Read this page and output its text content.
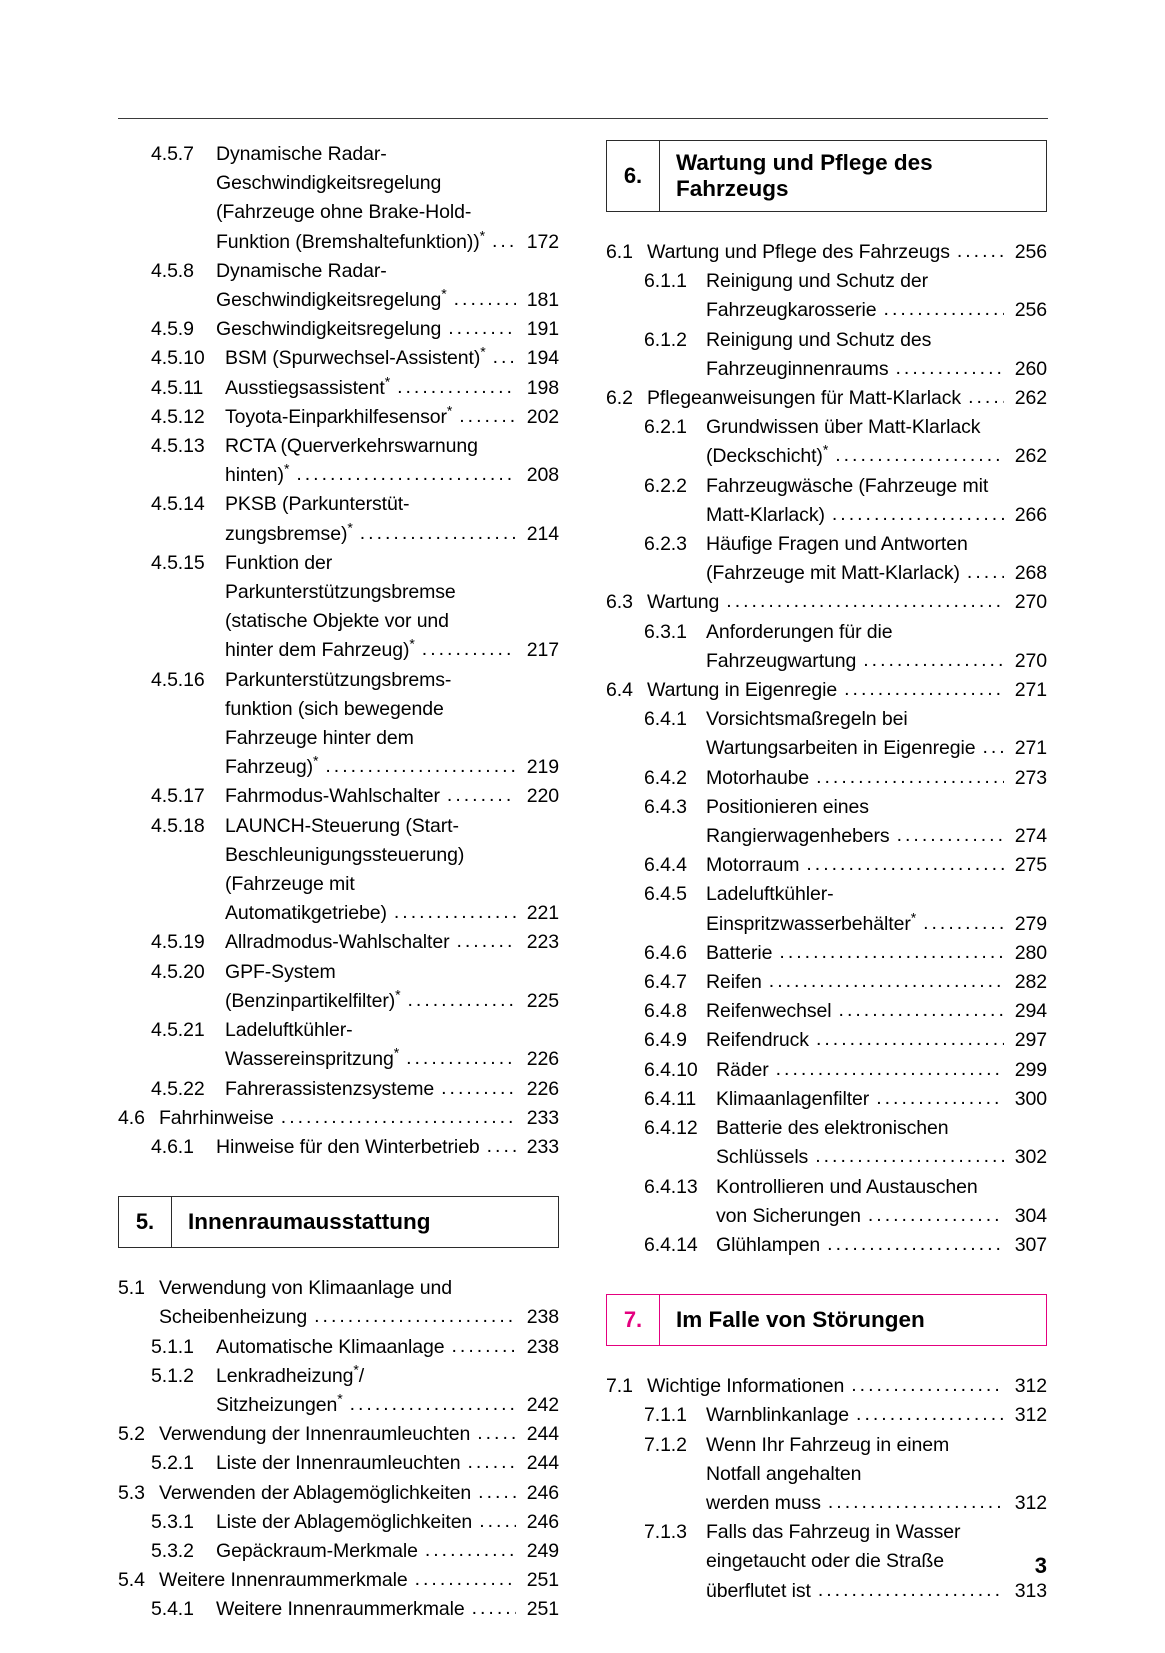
4.5.7	Dynamische Radar-
Geschwindigkeitsregelung
(Fahrzeuge ohne Brake-Hold-
Funktion (Bremshaltefunktion))* ..... 172
4.5.8	Dynamische Radar-
Geschwindigkeitsregelung* .....	181
4.5.9	Geschwindigkeitsregelung .....	191
4.5.10	BSM (Spurwechsel-Assistent)* ..... 194
4.5.11	Ausstiegsassistent* .....	198
4.5.12	Toyota-Einparkhilfesensor* .....	202
4.5.13	RCTA (Querverkehrswarnung
hinten)* .....	208
4.5.14	PKSB (Parkunterstüt-
zungsbremse)* .....	214
4.5.15	Funktion der
Parkunterstützungsbremse
(statische Objekte vor und
hinter dem Fahrzeug)* .....	217
4.5.16	Parkunterstützungsbrems-
funktion (sich bewegende
Fahrzeuge hinter dem
Fahrzeug)* .....	219
4.5.17	Fahrmodus-Wahlschalter .....	220
4.5.18	LAUNCH-Steuerung (Start-
Beschleunigungssteuerung)
(Fahrzeuge mit
Automatikgetriebe) .....	221
4.5.19	Allradmodus-Wahlschalter .....	223
4.5.20	GPF-System
(Benzinpartikelfilter)* .....	225
4.5.21	Ladeluftkühler-
Wassereinspritzung* .....	226
4.5.22	Fahrerassistenzsysteme .....	226
4.6 Fahrhinweise .....	233
4.6.1	Hinweise für den Winterbetrieb ..... 233
5.	Innenraumausstattung
5.1 Verwendung von Klimaanlage und
Scheibenheizung .....	238
5.1.1	Automatische Klimaanlage .....	238
5.1.2	Lenkradheizung*/
Sitzheizungen* .....	242
5.2 Verwendung der Innenraumleuchten .....	244
5.2.1	Liste der Innenraumleuchten .....	244
5.3 Verwenden der Ablagemöglichkeiten .....	246
5.3.1	Liste der Ablagemöglichkeiten .....	246
5.3.2	Gepäckraum-Merkmale .....	249
5.4 Weitere Innenraummerkmale .....	251
5.4.1	Weitere Innenraummerkmale .....	251
6.
Wartung und Pflege des Fahrzeugs
6.1 Wartung und Pflege des Fahrzeugs .....	256
6.1.1 Reinigung und Schutz der
Fahrzeugkarosserie .....	256
6.1.2 Reinigung und Schutz des
Fahrzeuginnenraums .....	260
6.2 Pflegeanweisungen für Matt-Klarlack .....	262
6.2.1 Grundwissen über Matt-Klarlack
(Deckschicht)* .....	262
6.2.2 Fahrzeugwäsche (Fahrzeuge mit
Matt-Klarlack) .....	266
6.2.3 Häufige Fragen und Antworten
(Fahrzeuge mit Matt-Klarlack) .....	268
6.3 Wartung .....	270
6.3.1 Anforderungen für die
Fahrzeugwartung .....	270
6.4 Wartung in Eigenregie .....	271
6.4.1 Vorsichtsmaßregeln bei
Wartungsarbeiten in Eigenregie ..... 271
6.4.2 Motorhaube .....	273
6.4.3 Positionieren eines
Rangierwagenhebers .....	274
6.4.4 Motorraum .....	275
6.4.5 Ladeluftkühler-
Einspritzwasserbehälter* .....	279
6.4.6 Batterie .....	280
6.4.7 Reifen .....	282
6.4.8 Reifenwechsel .....	294
6.4.9 Reifendruck .....	297
6.4.10 Räder .....	299
6.4.11	Klimaanlagenfilter .....	300
6.4.12 Batterie des elektronischen
Schlüssels .....	302
6.4.13 Kontrollieren und Austauschen
von Sicherungen .....	304
6.4.14 Glühlampen .....	307
7.	Im Falle von Störungen
7.1 Wichtige Informationen .....	312
7.1.1 Warnblinkanlage .....	312
7.1.2 Wenn Ihr Fahrzeug in einem
Notfall angehalten
werden muss .....	312
7.1.3 Falls das Fahrzeug in Wasser
eingetaucht oder die Straße
überflutet ist .....	313
3
